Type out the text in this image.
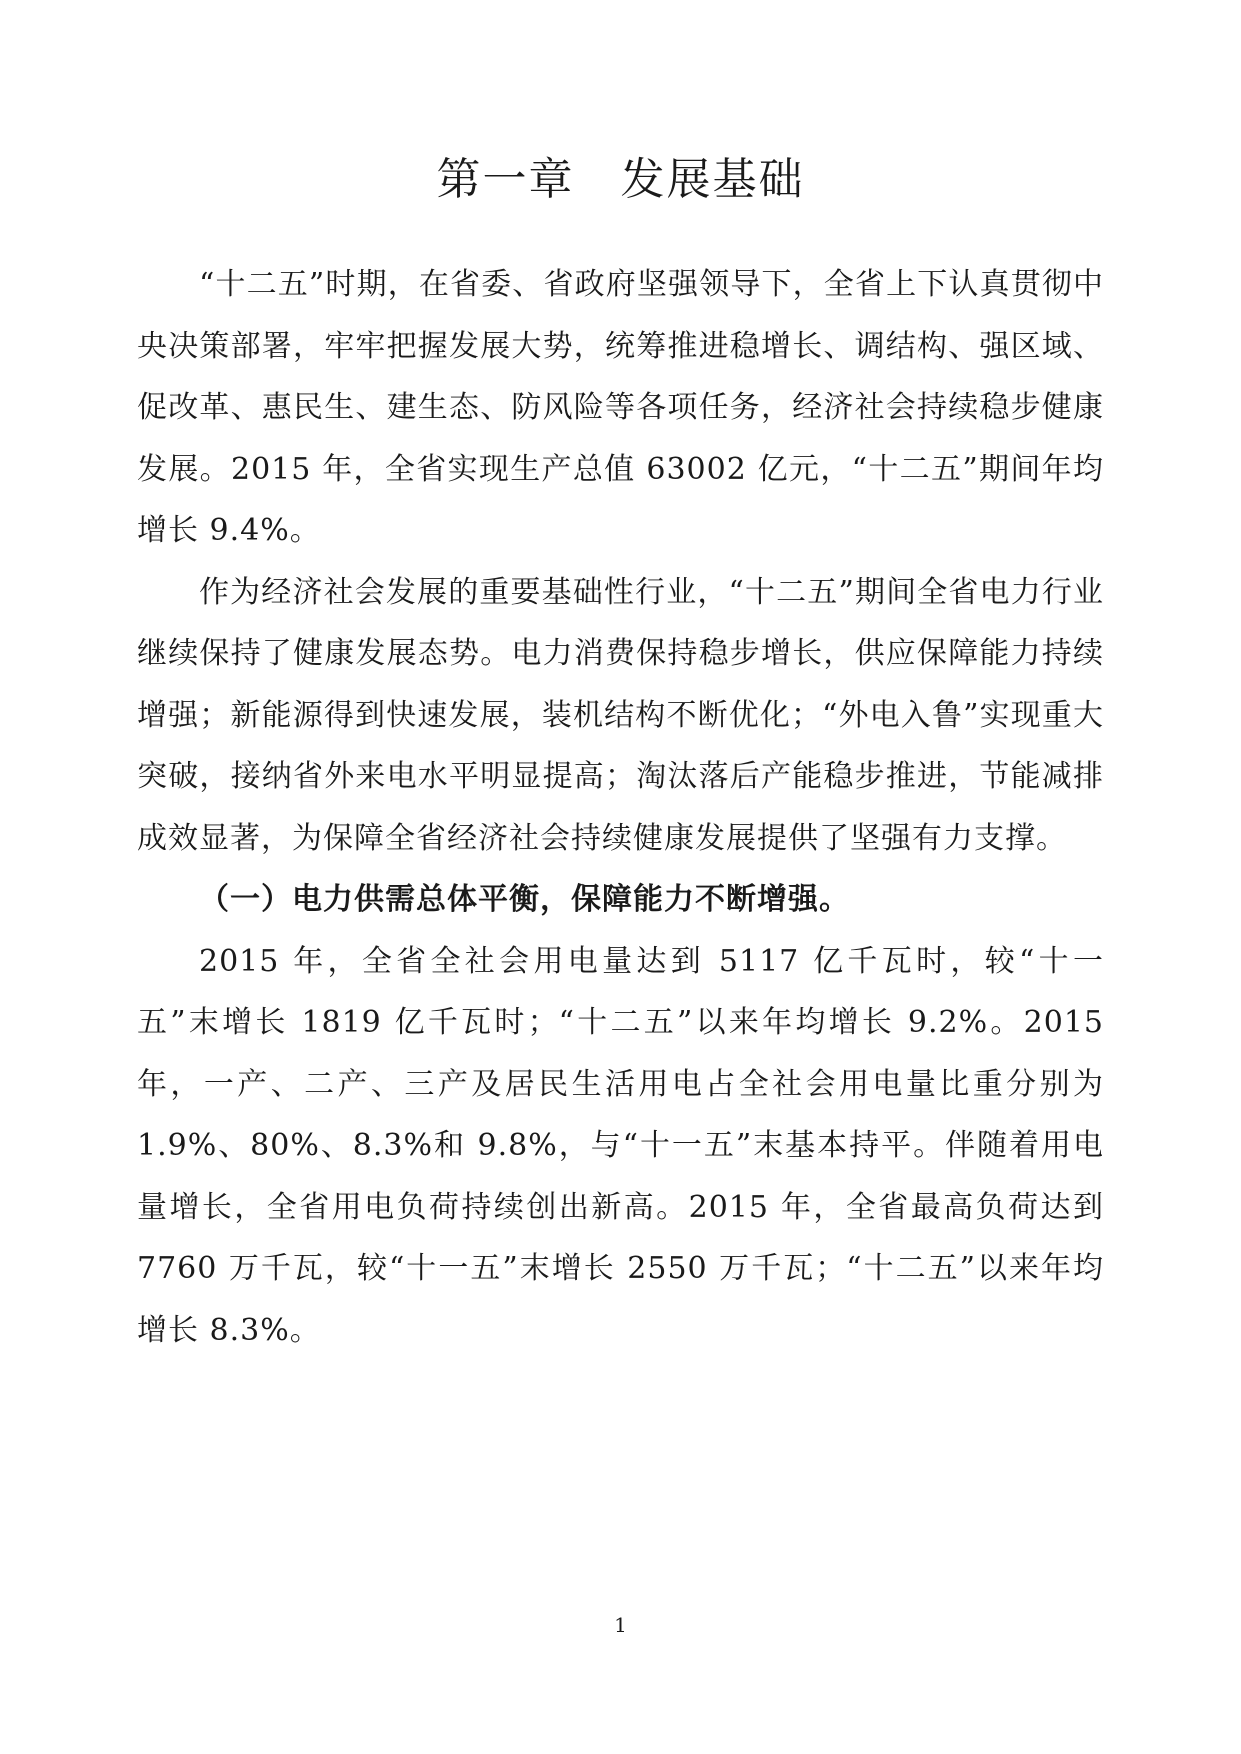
第一章　发展基础

“十二五”时期，在省委、省政府坚强领导下，全省上下认真贯彻中央决策部署，牢牢把握发展大势，统筹推进稳增长、调结构、强区域、促改革、惠民生、建生态、防风险等各项任务，经济社会持续稳步健康发展。2015 年，全省实现生产总值 63002 亿元，“十二五”期间年均增长 9.4%。

作为经济社会发展的重要基础性行业，“十二五”期间全省电力行业继续保持了健康发展态势。电力消费保持稳步增长，供应保障能力持续增强；新能源得到快速发展，装机结构不断优化；“外电入鲁”实现重大突破，接纳省外来电水平明显提高；淘汰落后产能稳步推进，节能减排成效显著，为保障全省经济社会持续健康发展提供了坚强有力支撑。

（一）电力供需总体平衡，保障能力不断增强。

2015 年，全省全社会用电量达到 5117 亿千瓦时，较“十一五”末增长 1819 亿千瓦时；“十二五”以来年均增长 9.2%。2015 年，一产、二产、三产及居民生活用电占全社会用电量比重分别为 1.9%、80%、8.3%和 9.8%，与“十一五”末基本持平。伴随着用电量增长，全省用电负荷持续创出新高。2015 年，全省最高负荷达到 7760 万千瓦，较“十一五”末增长 2550 万千瓦；“十二五”以来年均增长 8.3%。

1
